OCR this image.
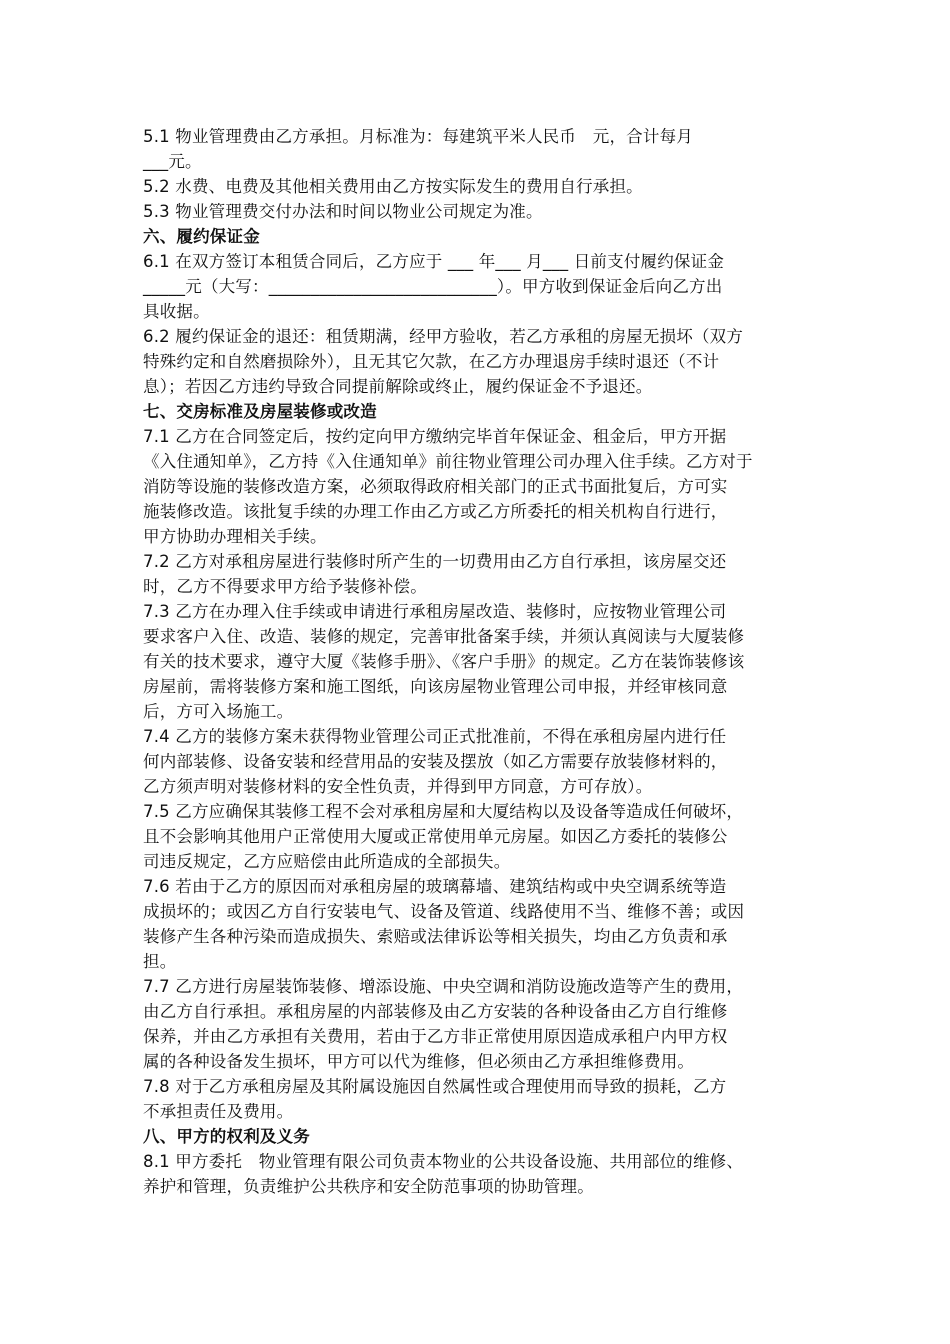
5.1 物业管理费由乙方承担。月标准为：每建筑平米人民币　元，合计每月
___元。
5.2 水费、电费及其他相关费用由乙方按实际发生的费用自行承担。
5.3 物业管理费交付办法和时间以物业公司规定为准。
六、履约保证金
6.1 在双方签订本租赁合同后，乙方应于 ___ 年___ 月___ 日前支付履约保证金
_____元（大写：___________________________）。甲方收到保证金后向乙方出
具收据。
6.2 履约保证金的退还：租赁期满，经甲方验收，若乙方承租的房屋无损坏（双方
特殊约定和自然磨损除外），且无其它欠款，在乙方办理退房手续时退还（不计
息）；若因乙方违约导致合同提前解除或终止，履约保证金不予退还。
七、交房标准及房屋装修或改造
7.1 乙方在合同签定后，按约定向甲方缴纳完毕首年保证金、租金后，甲方开据
《入住通知单》，乙方持《入住通知单》前往物业管理公司办理入住手续。乙方对于
消防等设施的装修改造方案，必须取得政府相关部门的正式书面批复后，方可实
施装修改造。该批复手续的办理工作由乙方或乙方所委托的相关机构自行进行，
甲方协助办理相关手续。
7.2 乙方对承租房屋进行装修时所产生的一切费用由乙方自行承担，该房屋交还
时，乙方不得要求甲方给予装修补偿。
7.3 乙方在办理入住手续或申请进行承租房屋改造、装修时，应按物业管理公司
要求客户入住、改造、装修的规定，完善审批备案手续，并须认真阅读与大厦装修
有关的技术要求，遵守大厦《装修手册》、《客户手册》的规定。乙方在装饰装修该
房屋前，需将装修方案和施工图纸，向该房屋物业管理公司申报，并经审核同意
后，方可入场施工。
7.4 乙方的装修方案未获得物业管理公司正式批准前，不得在承租房屋内进行任
何内部装修、设备安装和经营用品的安装及摆放（如乙方需要存放装修材料的，
乙方须声明对装修材料的安全性负责，并得到甲方同意，方可存放）。
7.5 乙方应确保其装修工程不会对承租房屋和大厦结构以及设备等造成任何破坏，
且不会影响其他用户正常使用大厦或正常使用单元房屋。如因乙方委托的装修公
司违反规定，乙方应赔偿由此所造成的全部损失。
7.6 若由于乙方的原因而对承租房屋的玻璃幕墙、建筑结构或中央空调系统等造
成损坏的；或因乙方自行安装电气、设备及管道、线路使用不当、维修不善；或因
装修产生各种污染而造成损失、索赔或法律诉讼等相关损失，均由乙方负责和承
担。
7.7 乙方进行房屋装饰装修、增添设施、中央空调和消防设施改造等产生的费用，
由乙方自行承担。承租房屋的内部装修及由乙方安装的各种设备由乙方自行维修
保养，并由乙方承担有关费用，若由于乙方非正常使用原因造成承租户内甲方权
属的各种设备发生损坏，甲方可以代为维修，但必须由乙方承担维修费用。
7.8 对于乙方承租房屋及其附属设施因自然属性或合理使用而导致的损耗，乙方
不承担责任及费用。
八、甲方的权利及义务
8.1 甲方委托　物业管理有限公司负责本物业的公共设备设施、共用部位的维修、
养护和管理，负责维护公共秩序和安全防范事项的协助管理。
